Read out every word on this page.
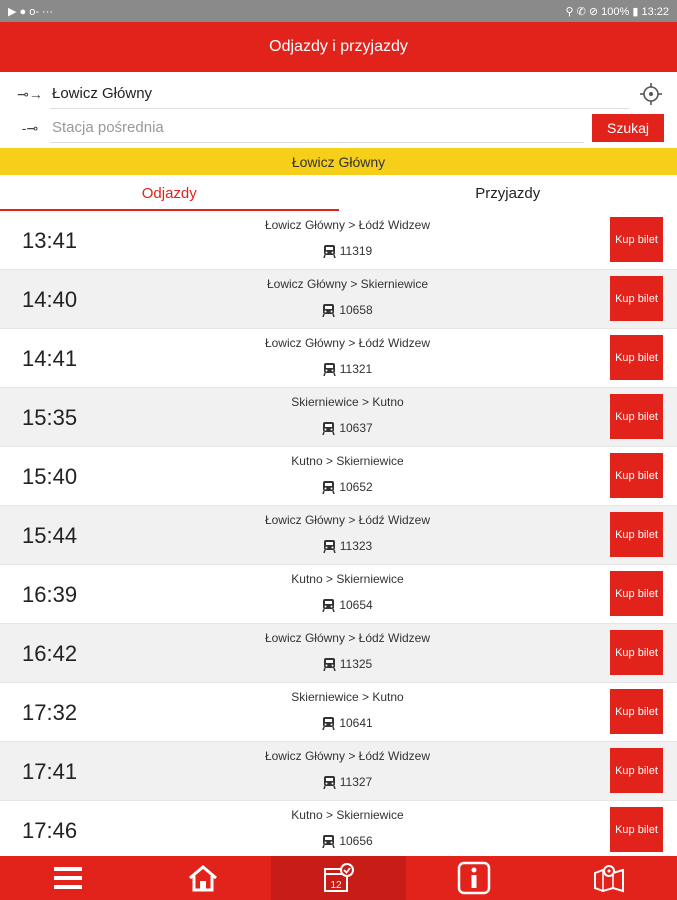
▶ ● o- ···	⚲ ✆ ⊘ 100% ▮ 13:22
Odjazdy i przyjazdy
⊸→
Łowicz Główny
-⊸
Stacja pośrednia	Szukaj
Łowicz Główny
Odjazdy	Przyjazdy
13:41
Łowicz Główny > Łódź Widzew
11319
Kup bilet
14:40
Łowicz Główny > Skierniewice
10658
Kup bilet
14:41
Łowicz Główny > Łódź Widzew
11321
Kup bilet
15:35
Skierniewice > Kutno
10637
Kup bilet
15:40
Kutno > Skierniewice
10652
Kup bilet
15:44
Łowicz Główny > Łódź Widzew
11323
Kup bilet
16:39
Kutno > Skierniewice
10654
Kup bilet
16:42
Łowicz Główny > Łódź Widzew
11325
Kup bilet
17:32
Skierniewice > Kutno
10641
Kup bilet
17:41
Łowicz Główny > Łódź Widzew
11327
Kup bilet
17:46
Kutno > Skierniewice
10656
Kup bilet
12
